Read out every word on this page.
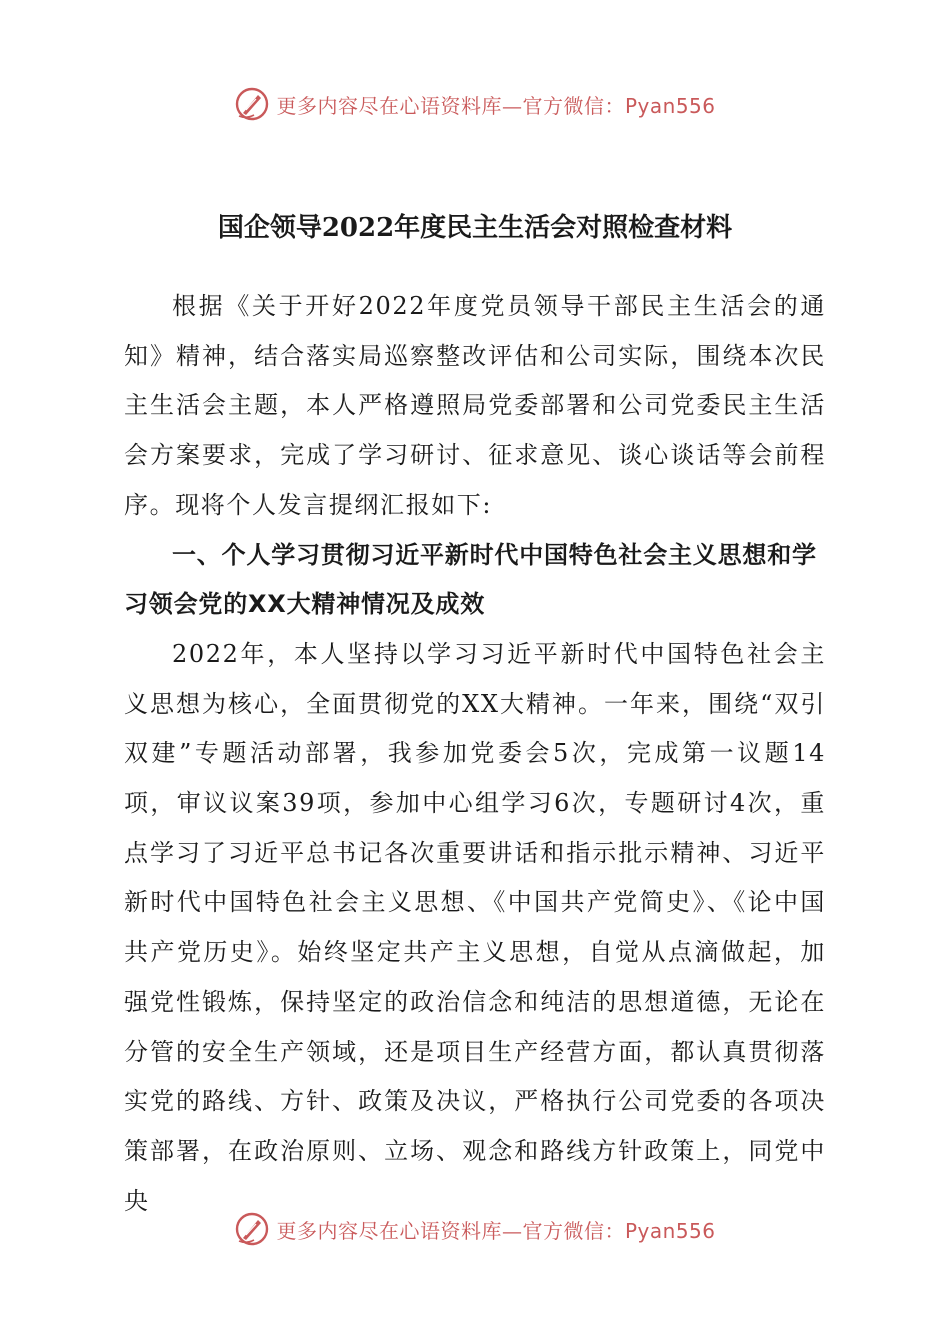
更多内容尽在心语资料库—官方微信：Pyan556
国企领导2022年度民主生活会对照检查材料

根据《关于开好2022年度党员领导干部民主生活会的通知》精神，结合落实局巡察整改评估和公司实际，围绕本次民主生活会主题，本人严格遵照局党委部署和公司党委民主生活会方案要求，完成了学习研讨、征求意见、谈心谈话等会前程序。现将个人发言提纲汇报如下:

一、个人学习贯彻习近平新时代中国特色社会主义思想和学习领会党的XX大精神情况及成效

2022年，本人坚持以学习习近平新时代中国特色社会主义思想为核心，全面贯彻党的XX大精神。一年来，围绕“双引双建”专题活动部署，我参加党委会5次，完成第一议题14项，审议议案39项，参加中心组学习6次，专题研讨4次，重点学习了习近平总书记各次重要讲话和指示批示精神、习近平新时代中国特色社会主义思想、《中国共产党简史》、《论中国共产党历史》。始终坚定共产主义思想，自觉从点滴做起，加强党性锻炼，保持坚定的政治信念和纯洁的思想道德，无论在分管的安全生产领域，还是项目生产经营方面，都认真贯彻落实党的路线、方针、政策及决议，严格执行公司党委的各项决策部署，在政治原则、立场、观念和路线方针政策上，同党中央

更多内容尽在心语资料库—官方微信：Pyan556
